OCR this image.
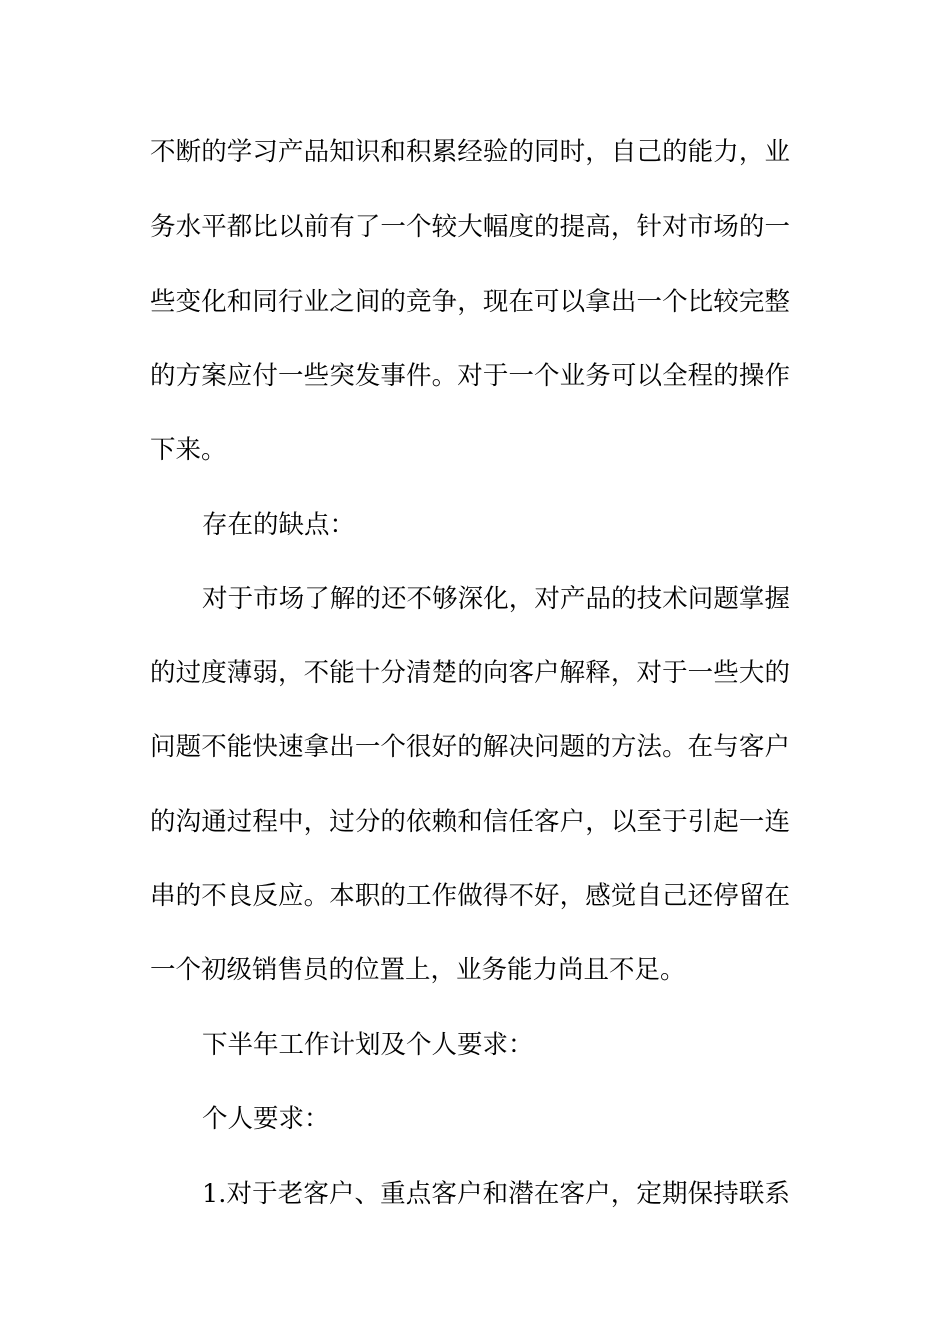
不断的学习产品知识和积累经验的同时，自己的能力，业
务水平都比以前有了一个较大幅度的提高，针对市场的一
些变化和同行业之间的竞争，现在可以拿出一个比较完整
的方案应付一些突发事件。对于一个业务可以全程的操作
下来。
存在的缺点：
对于市场了解的还不够深化，对产品的技术问题掌握
的过度薄弱，不能十分清楚的向客户解释，对于一些大的
问题不能快速拿出一个很好的解决问题的方法。在与客户
的沟通过程中，过分的依赖和信任客户，以至于引起一连
串的不良反应。本职的工作做得不好，感觉自己还停留在
一个初级销售员的位置上，业务能力尚且不足。
下半年工作计划及个人要求：
个人要求：
1.对于老客户、重点客户和潜在客户，定期保持联系
